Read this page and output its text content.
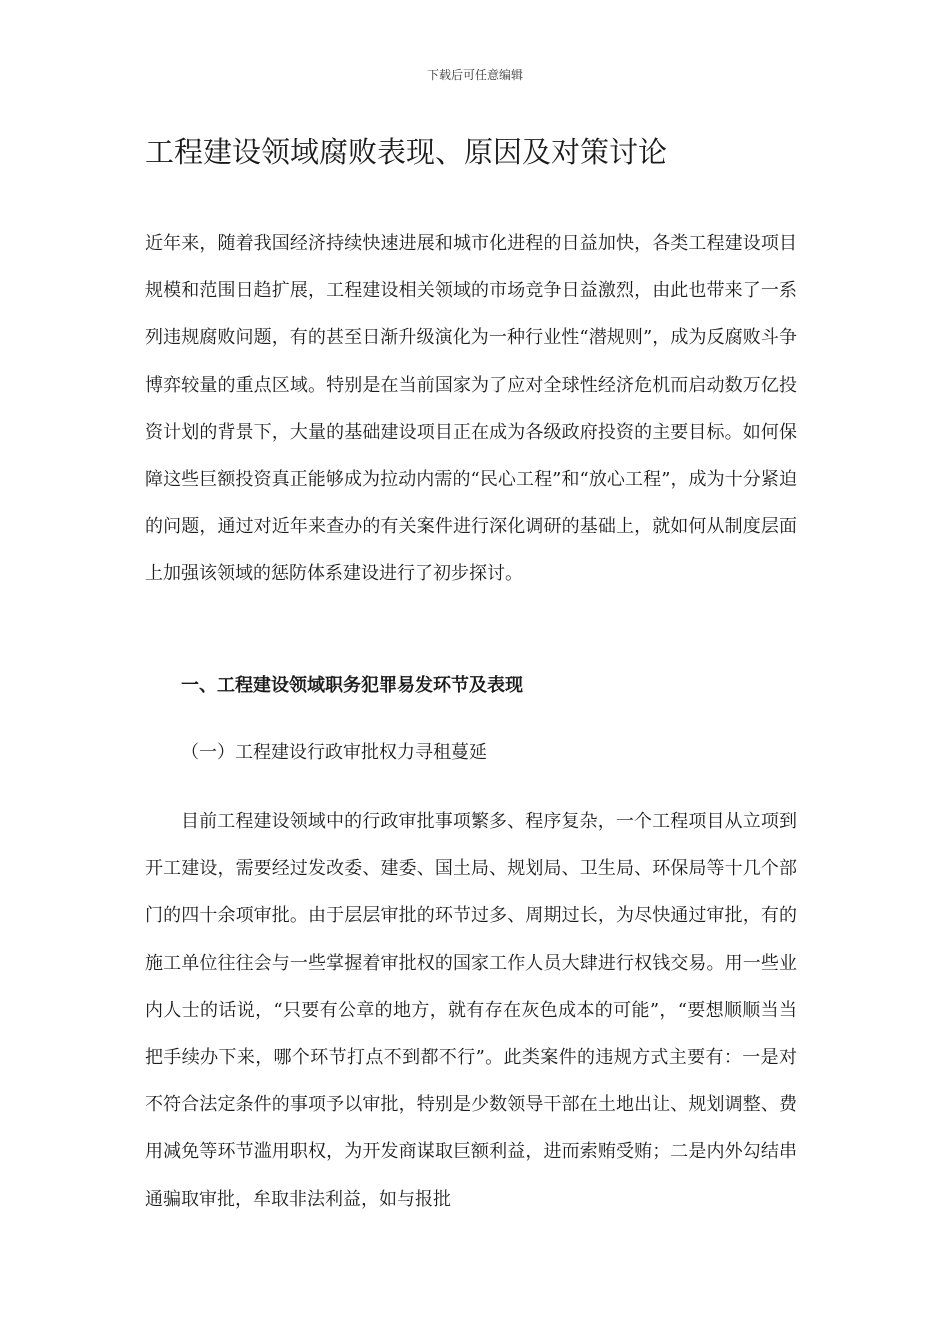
下载后可任意编辑
工程建设领域腐败表现、原因及对策讨论

近年来，随着我国经济持续快速进展和城市化进程的日益加快，各类工程建设项目规模和范围日趋扩展，工程建设相关领域的市场竞争日益激烈，由此也带来了一系列违规腐败问题，有的甚至日渐升级演化为一种行业性“潜规则”，成为反腐败斗争博弈较量的重点区域。特别是在当前国家为了应对全球性经济危机而启动数万亿投资计划的背景下，大量的基础建设项目正在成为各级政府投资的主要目标。如何保障这些巨额投资真正能够成为拉动内需的“民心工程”和“放心工程”，成为十分紧迫的问题，通过对近年来查办的有关案件进行深化调研的基础上，就如何从制度层面上加强该领域的惩防体系建设进行了初步探讨。

一、工程建设领域职务犯罪易发环节及表现
（一）工程建设行政审批权力寻租蔓延

目前工程建设领域中的行政审批事项繁多、程序复杂，一个工程项目从立项到开工建设，需要经过发改委、建委、国土局、规划局、卫生局、环保局等十几个部门的四十余项审批。由于层层审批的环节过多、周期过长，为尽快通过审批，有的施工单位往往会与一些掌握着审批权的国家工作人员大肆进行权钱交易。用一些业内人士的话说，“只要有公章的地方，就有存在灰色成本的可能”，“要想顺顺当当把手续办下来，哪个环节打点不到都不行”。此类案件的违规方式主要有：一是对不符合法定条件的事项予以审批，特别是少数领导干部在土地出让、规划调整、费用减免等环节滥用职权，为开发商谋取巨额利益，进而索贿受贿；二是内外勾结串通骗取审批，牟取非法利益，如与报批
